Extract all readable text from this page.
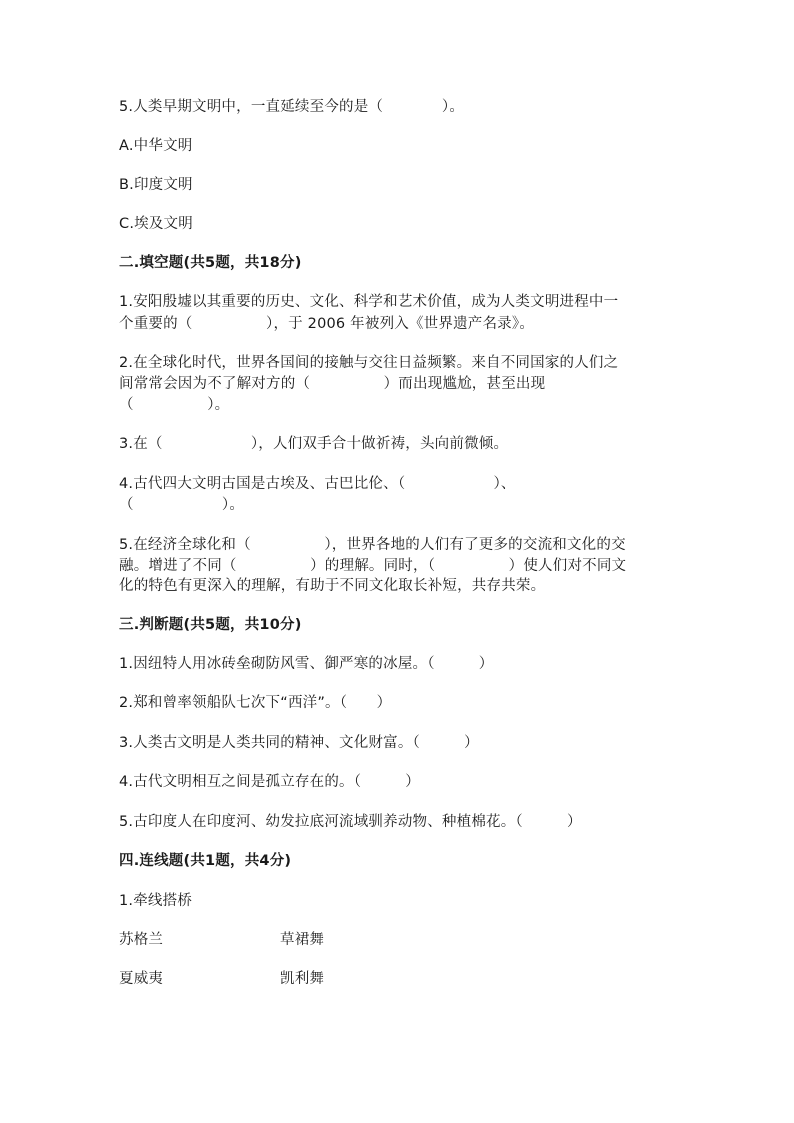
5.人类早期文明中，一直延续至今的是（　　　　）。
A.中华文明
B.印度文明
C.埃及文明
二.填空题(共5题，共18分)
1.安阳殷墟以其重要的历史、文化、科学和艺术价值，成为人类文明进程中一
个重要的（　　　　　），于 2006 年被列入《世界遗产名录》。
2.在全球化时代，世界各国间的接触与交往日益频繁。来自不同国家的人们之
间常常会因为不了解对方的（　　　　　）而出现尴尬，甚至出现
（　　　　　）。
3.在（　　　　　　），人们双手合十做祈祷，头向前微倾。
4.古代四大文明古国是古埃及、古巴比伦、（　　　　　　）、
（　　　　　　）。
5.在经济全球化和（　　　　　），世界各地的人们有了更多的交流和文化的交
融。增进了不同（　　　　　）的理解。同时，（　　　　　）使人们对不同文
化的特色有更深入的理解，有助于不同文化取长补短，共存共荣。
三.判断题(共5题，共10分)
1.因纽特人用冰砖垒砌防风雪、御严寒的冰屋。（　　　）
2.郑和曾率领船队七次下“西洋”。（　　）
3.人类古文明是人类共同的精神、文化财富。（　　　）
4.古代文明相互之间是孤立存在的。（　　　）
5.古印度人在印度河、幼发拉底河流域驯养动物、种植棉花。（　　　）
四.连线题(共1题，共4分)
1.牵线搭桥
苏格兰	草裙舞
夏威夷	凯利舞
